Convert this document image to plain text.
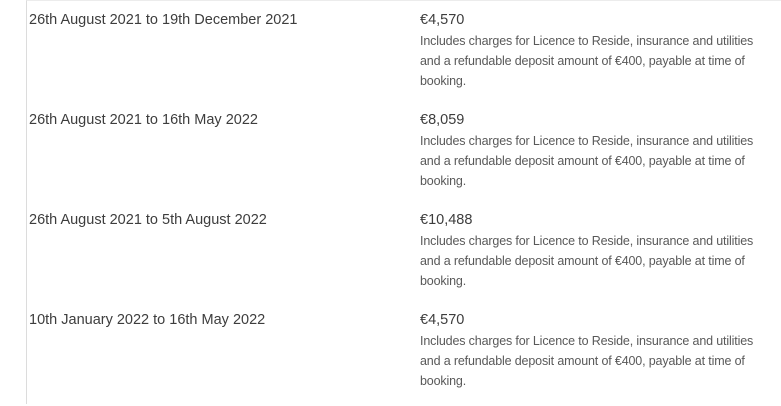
26th August 2021 to 19th December 2021	€4,570
Includes charges for Licence to Reside, insurance and utilities
and a refundable deposit amount of €400, payable at time of
booking.
26th August 2021 to 16th May 2022	€8,059
Includes charges for Licence to Reside, insurance and utilities
and a refundable deposit amount of €400, payable at time of
booking.
26th August 2021 to 5th August 2022	€10,488
Includes charges for Licence to Reside, insurance and utilities
and a refundable deposit amount of €400, payable at time of
booking.
10th January 2022 to 16th May 2022	€4,570
Includes charges for Licence to Reside, insurance and utilities
and a refundable deposit amount of €400, payable at time of
booking.
